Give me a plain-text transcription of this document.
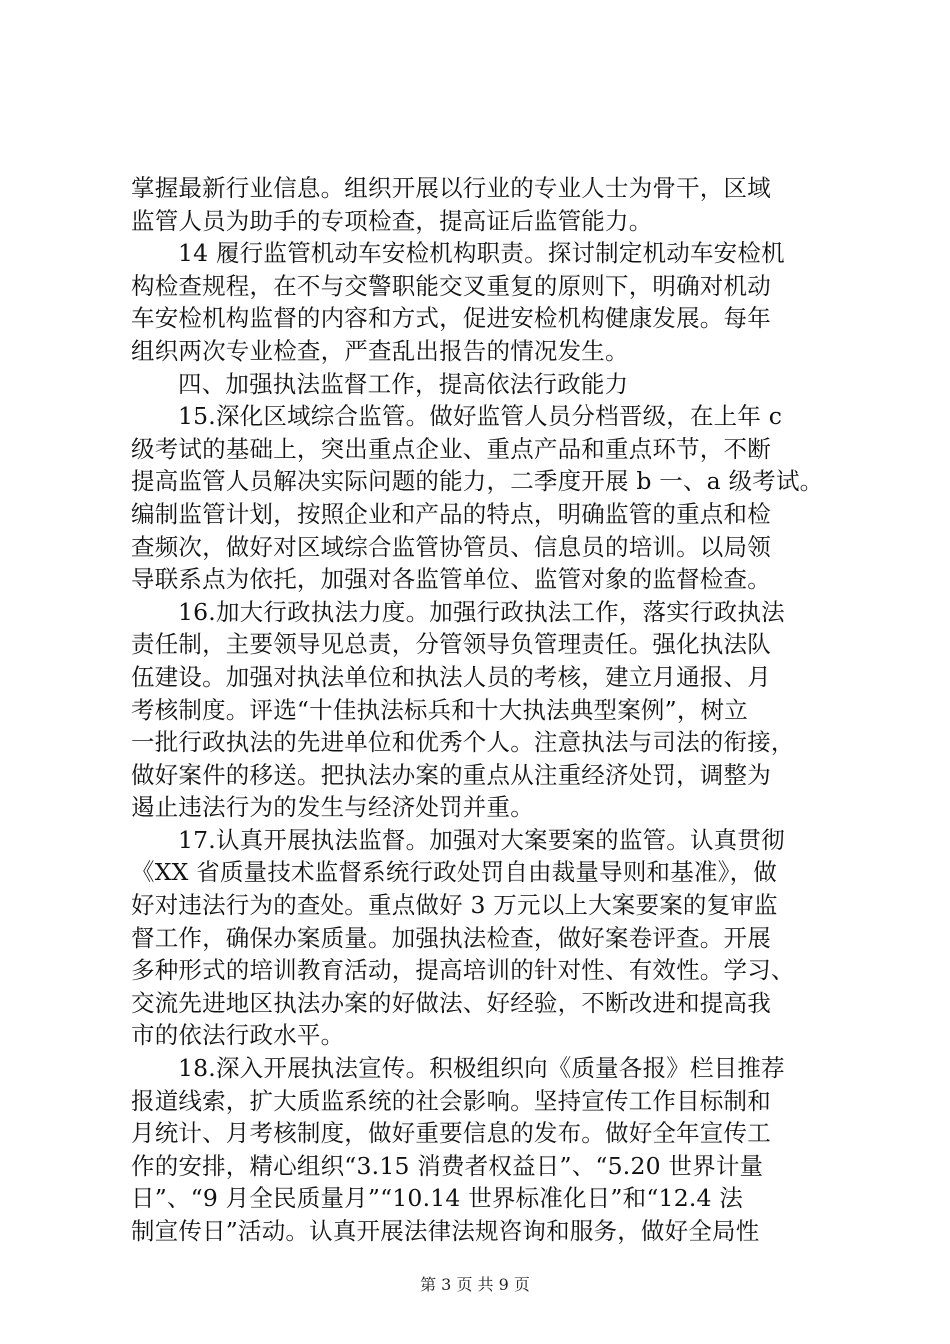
掌握最新行业信息。组织开展以行业的专业人士为骨干，区域
监管人员为助手的专项检查，提高证后监管能力。
14 履行监管机动车安检机构职责。探讨制定机动车安检机
构检查规程，在不与交警职能交叉重复的原则下，明确对机动
车安检机构监督的内容和方式，促进安检机构健康发展。每年
组织两次专业检查，严查乱出报告的情况发生。
四、加强执法监督工作，提高依法行政能力
15.深化区域综合监管。做好监管人员分档晋级，在上年 c
级考试的基础上，突出重点企业、重点产品和重点环节，不断
提高监管人员解决实际问题的能力，二季度开展 b 一、a 级考试。
编制监管计划，按照企业和产品的特点，明确监管的重点和检
查频次，做好对区域综合监管协管员、信息员的培训。以局领
导联系点为依托，加强对各监管单位、监管对象的监督检查。
16.加大行政执法力度。加强行政执法工作，落实行政执法
责任制，主要领导见总责，分管领导负管理责任。强化执法队
伍建设。加强对执法单位和执法人员的考核，建立月通报、月
考核制度。评选“十佳执法标兵和十大执法典型案例”，树立
一批行政执法的先进单位和优秀个人。注意执法与司法的衔接，
做好案件的移送。把执法办案的重点从注重经济处罚，调整为
遏止违法行为的发生与经济处罚并重。
17.认真开展执法监督。加强对大案要案的监管。认真贯彻
《XX 省质量技术监督系统行政处罚自由裁量导则和基准》，做
好对违法行为的查处。重点做好 3 万元以上大案要案的复审监
督工作，确保办案质量。加强执法检查，做好案卷评查。开展
多种形式的培训教育活动，提高培训的针对性、有效性。学习、
交流先进地区执法办案的好做法、好经验，不断改进和提高我
市的依法行政水平。
18.深入开展执法宣传。积极组织向《质量各报》栏目推荐
报道线索，扩大质监系统的社会影响。坚持宣传工作目标制和
月统计、月考核制度，做好重要信息的发布。做好全年宣传工
作的安排，精心组织“3.15 消费者权益日”、“5.20 世界计量
日”、“9 月全民质量月”“10.14 世界标准化日”和“12.4 法
制宣传日”活动。认真开展法律法规咨询和服务，做好全局性
第 3 页 共 9 页
